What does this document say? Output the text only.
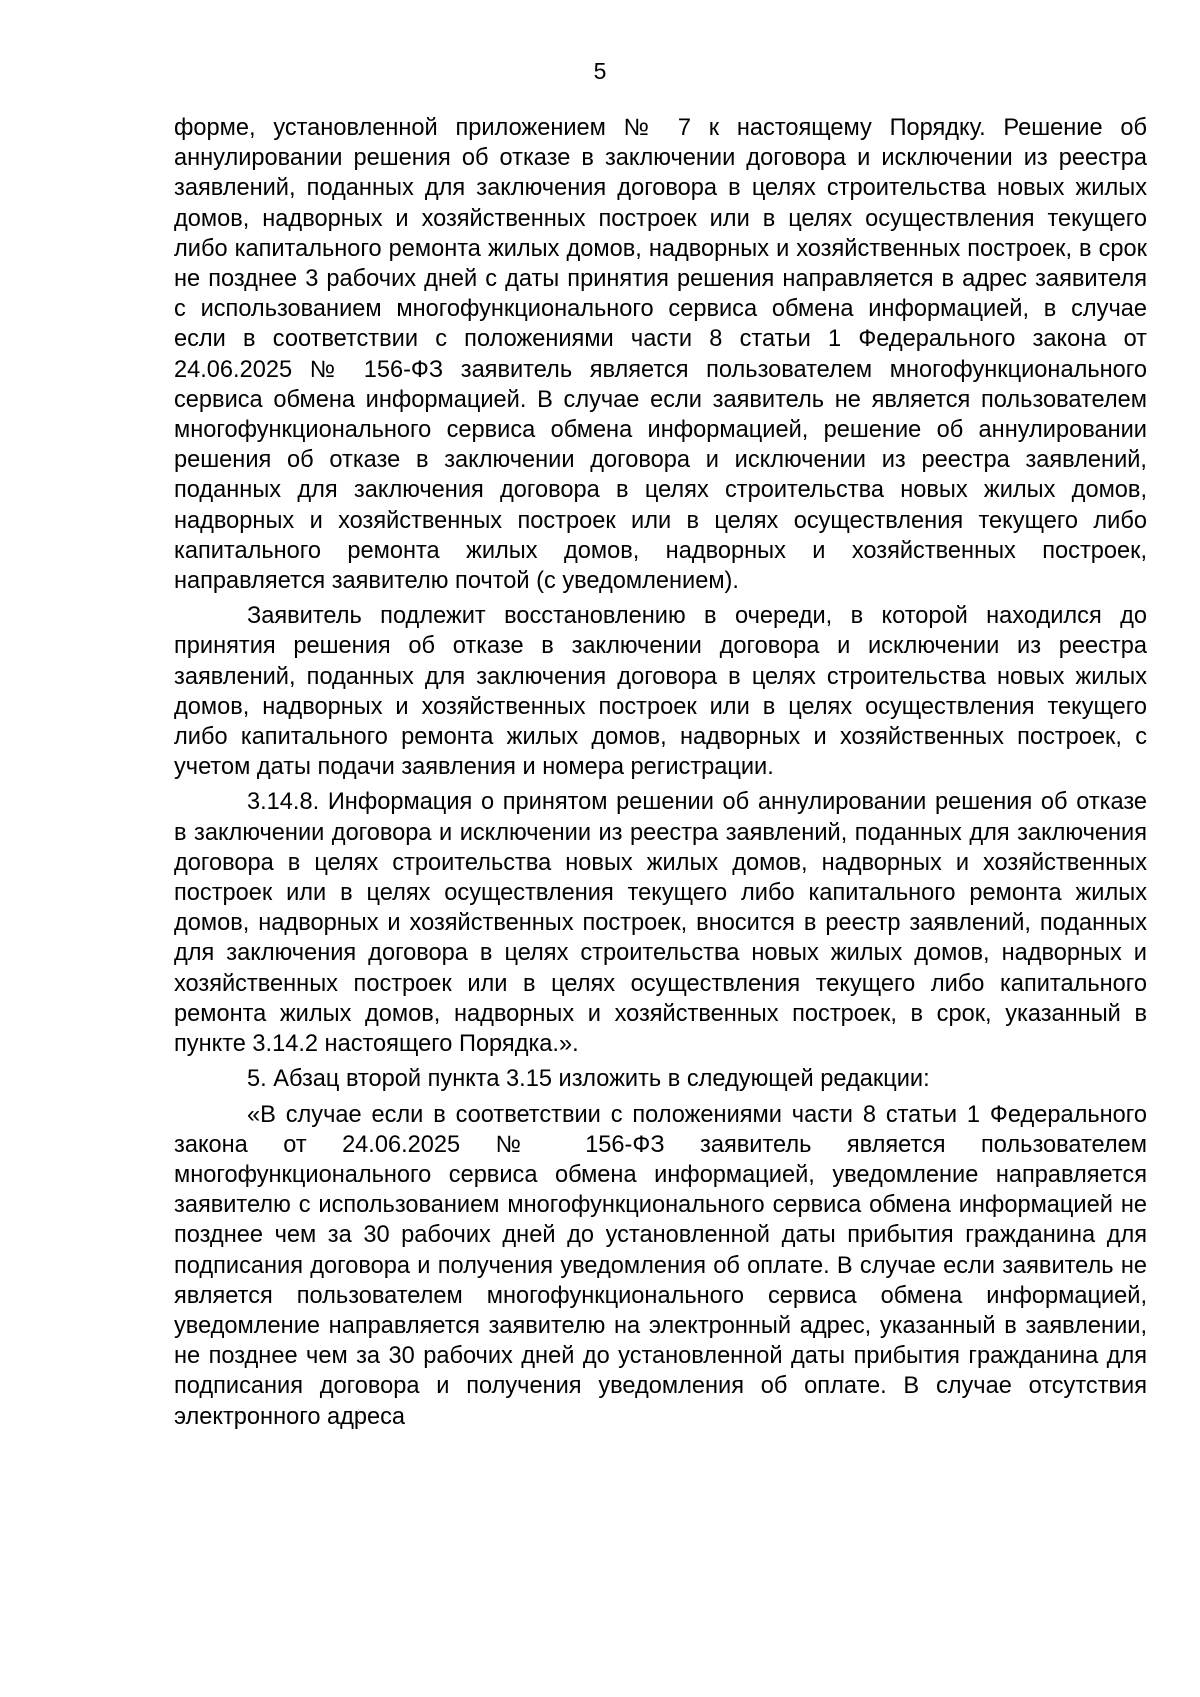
5

форме, установленной приложением № 7 к настоящему Порядку. Решение об аннулировании решения об отказе в заключении договора и исключении из реестра заявлений, поданных для заключения договора в целях строительства новых жилых домов, надворных и хозяйственных построек или в целях осуществления текущего либо капитального ремонта жилых домов, надворных и хозяйственных построек, в срок не позднее 3 рабочих дней с даты принятия решения направляется в адрес заявителя с использованием многофункционального сервиса обмена информацией, в случае если в соответствии с положениями части 8 статьи 1 Федерального закона от 24.06.2025 № 156-ФЗ заявитель является пользователем многофункционального сервиса обмена информацией. В случае если заявитель не является пользователем многофункционального сервиса обмена информацией, решение об аннулировании решения об отказе в заключении договора и исключении из реестра заявлений, поданных для заключения договора в целях строительства новых жилых домов, надворных и хозяйственных построек или в целях осуществления текущего либо капитального ремонта жилых домов, надворных и хозяйственных построек, направляется заявителю почтой (с уведомлением).

Заявитель подлежит восстановлению в очереди, в которой находился до принятия решения об отказе в заключении договора и исключении из реестра заявлений, поданных для заключения договора в целях строительства новых жилых домов, надворных и хозяйственных построек или в целях осуществления текущего либо капитального ремонта жилых домов, надворных и хозяйственных построек, с учетом даты подачи заявления и номера регистрации.

3.14.8. Информация о принятом решении об аннулировании решения об отказе в заключении договора и исключении из реестра заявлений, поданных для заключения договора в целях строительства новых жилых домов, надворных и хозяйственных построек или в целях осуществления текущего либо капитального ремонта жилых домов, надворных и хозяйственных построек, вносится в реестр заявлений, поданных для заключения договора в целях строительства новых жилых домов, надворных и хозяйственных построек или в целях осуществления текущего либо капитального ремонта жилых домов, надворных и хозяйственных построек, в срок, указанный в пункте 3.14.2 настоящего Порядка.».

5. Абзац второй пункта 3.15 изложить в следующей редакции:

«В случае если в соответствии с положениями части 8 статьи 1 Федерального закона от 24.06.2025 № 156-ФЗ заявитель является пользователем многофункционального сервиса обмена информацией, уведомление направляется заявителю с использованием многофункционального сервиса обмена информацией не позднее чем за 30 рабочих дней до установленной даты прибытия гражданина для подписания договора и получения уведомления об оплате. В случае если заявитель не является пользователем многофункционального сервиса обмена информацией, уведомление направляется заявителю на электронный адрес, указанный в заявлении, не позднее чем за 30 рабочих дней до установленной даты прибытия гражданина для подписания договора и получения уведомления об оплате. В случае отсутствия электронного адреса
